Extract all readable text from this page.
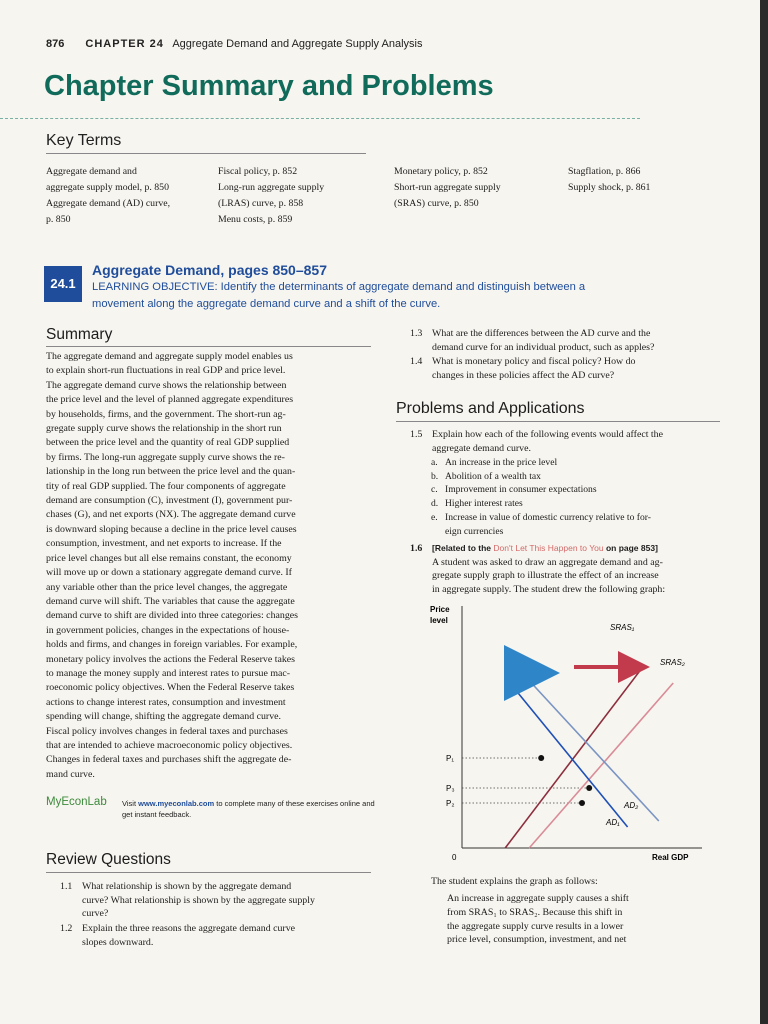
876 CHAPTER 24 Aggregate Demand and Aggregate Supply Analysis
Chapter Summary and Problems
Key Terms

Aggregate demand and

aggregate supply model, p. 850

Aggregate demand (AD) curve,

p. 850

Fiscal policy, p. 852

Long-run aggregate supply

(LRAS) curve, p. 858

Menu costs, p. 859

Monetary policy, p. 852

Short-run aggregate supply

(SRAS) curve, p. 850

Stagflation, p. 866

Supply shock, p. 861

24.1
Aggregate Demand, pages 850–857
LEARNING OBJECTIVE: Identify the determinants of aggregate demand and distinguish between a
movement along the aggregate demand curve and a shift of the curve.
Summary

The aggregate demand and aggregate supply model enables us

to explain short-run fluctuations in real GDP and price level.

The aggregate demand curve shows the relationship between

the price level and the level of planned aggregate expenditures

by households, firms, and the government. The short-run ag-

gregate supply curve shows the relationship in the short run

between the price level and the quantity of real GDP supplied

by firms. The long-run aggregate supply curve shows the re-

lationship in the long run between the price level and the quan-

tity of real GDP supplied. The four components of aggregate

demand are consumption (C), investment (I), government pur-

chases (G), and net exports (NX). The aggregate demand curve

is downward sloping because a decline in the price level causes

consumption, investment, and net exports to increase. If the

price level changes but all else remains constant, the economy

will move up or down a stationary aggregate demand curve. If

any variable other than the price level changes, the aggregate

demand curve will shift. The variables that cause the aggregate

demand curve to shift are divided into three categories: changes

in government policies, changes in the expectations of house-

holds and firms, and changes in foreign variables. For example,

monetary policy involves the actions the Federal Reserve takes

to manage the money supply and interest rates to pursue mac-

roeconomic policy objectives. When the Federal Reserve takes

actions to change interest rates, consumption and investment

spending will change, shifting the aggregate demand curve.

Fiscal policy involves changes in federal taxes and purchases

that are intended to achieve macroeconomic policy objectives.

Changes in federal taxes and purchases shift the aggregate de-

mand curve.

MyEconLab Visit www.myeconlab.com to complete many of these exercises online and get instant feedback.
Review Questions
1.1 What relationship is shown by the aggregate demand
curve? What relationship is shown by the aggregate supply
curve?
1.2 Explain the three reasons the aggregate demand curve
slopes downward.
1.3 What are the differences between the AD curve and the
demand curve for an individual product, such as apples?
1.4 What is monetary policy and fiscal policy? How do
changes in these policies affect the AD curve?
Problems and Applications
1.5 Explain how each of the following events would affect the
aggregate demand curve.
a. An increase in the price level
b. Abolition of a wealth tax
c. Improvement in consumer expectations
d. Higher interest rates
e. Increase in value of domestic currency relative to for-
eign currencies
1.6 [Related to the Don't Let This Happen to You on page 853]
A student was asked to draw an aggregate demand and ag-
gregate supply graph to illustrate the effect of an increase
in aggregate supply. The student drew the following graph:
Price
level
Real GDP
0
P₁
P₃
P₂
SRAS₁
SRAS₂
AD₁
AD₂
The student explains the graph as follows:
An increase in aggregate supply causes a shift
from SRAS₁ to SRAS₂. Because this shift in
the aggregate supply curve results in a lower
price level, consumption, investment, and net
